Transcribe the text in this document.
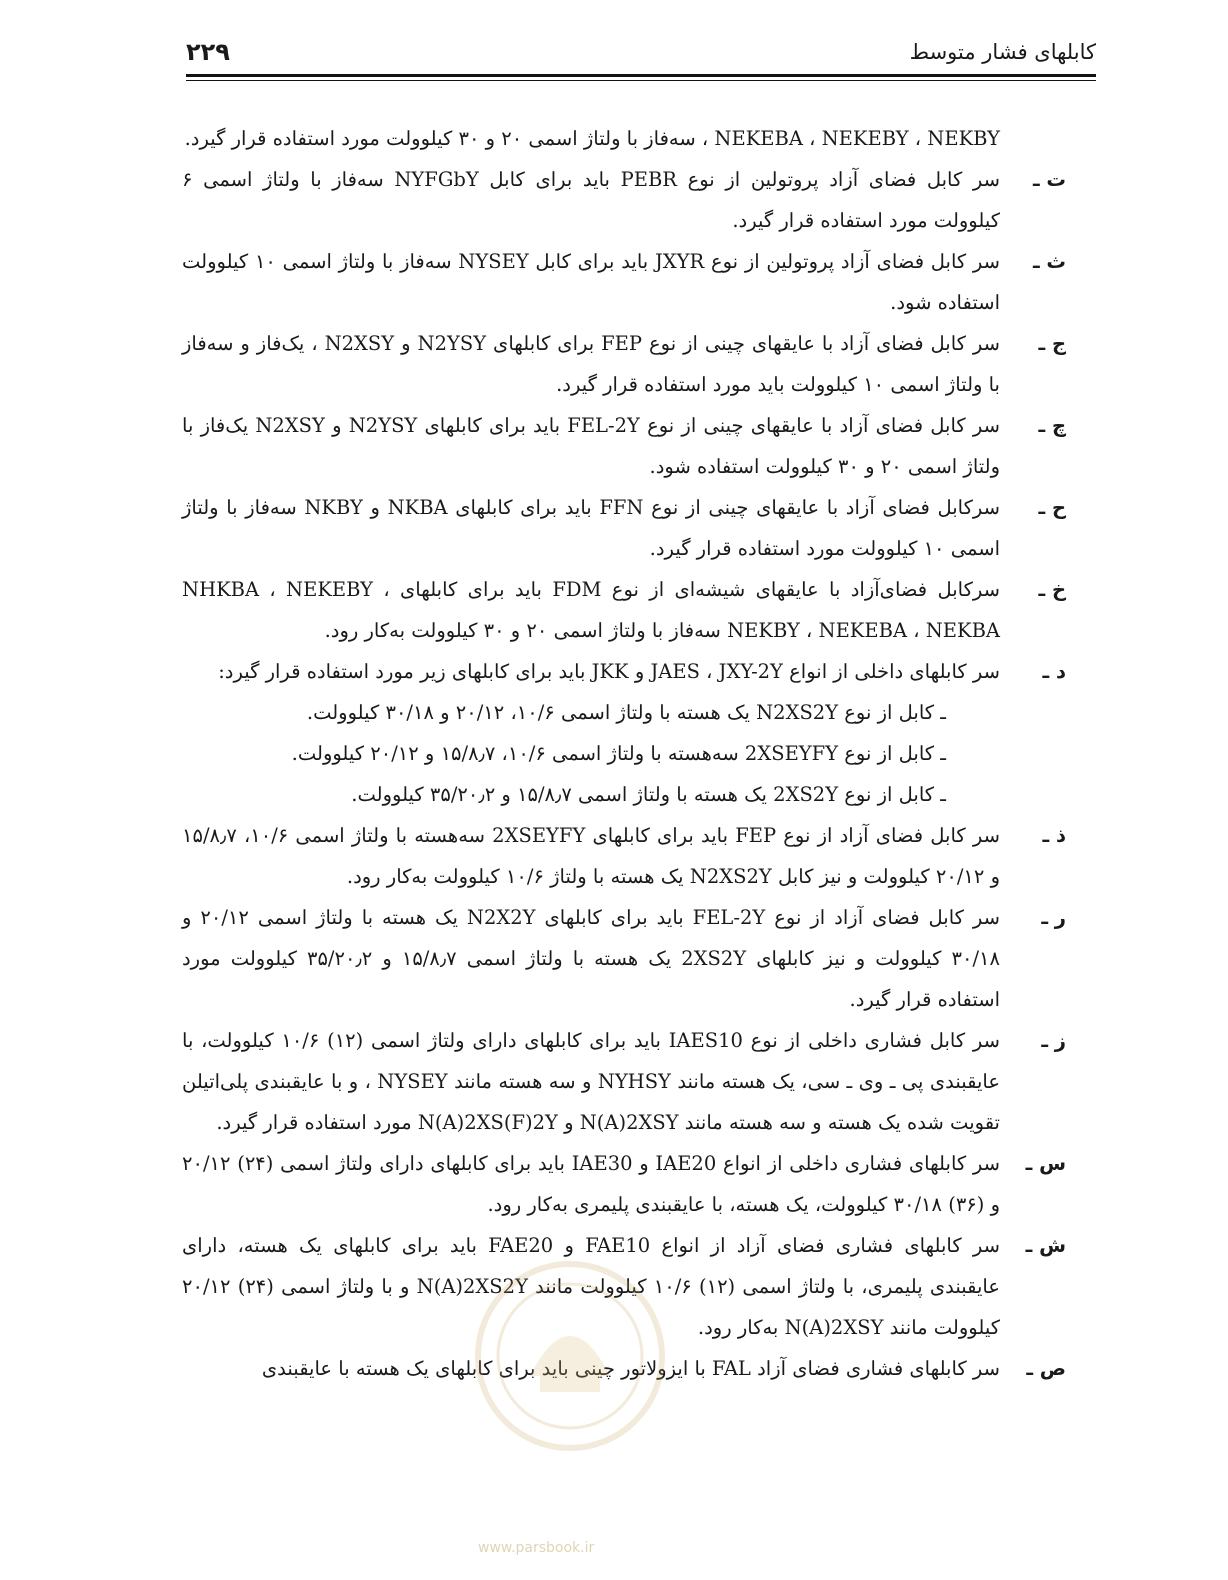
کابلهای فشار متوسط
۲۲۹
NEKEBA ، NEKEBY ، NEKBY ، سه‌فاز با ولتاژ اسمی ۲۰ و ۳۰ کیلوولت مورد استفاده قرار گیرد.
ت ـ
سر کابل فضای آزاد پروتولین از نوع PEBR باید برای کابل NYFGbY سه‌فاز با ولتاژ اسمی ۶ کیلوولت مورد استفاده قرار گیرد.
ث ـ
سر کابل فضای آزاد پروتولین از نوع JXYR باید برای کابل NYSEY سه‌فاز با ولتاژ اسمی ۱۰ کیلوولت استفاده شود.
ج ـ
سر کابل فضای آزاد با عایقهای چینی از نوع FEP برای کابلهای N2YSY و N2XSY ، یک‌فاز و سه‌فاز با ولتاژ اسمی ۱۰ کیلوولت باید مورد استفاده قرار گیرد.
چ ـ
سر کابل فضای آزاد با عایقهای چینی از نوع FEL-2Y باید برای کابلهای N2YSY و N2XSY یک‌فاز با ولتاژ اسمی ۲۰ و ۳۰ کیلوولت استفاده شود.
ح ـ
سرکابل فضای آزاد با عایقهای چینی از نوع FFN باید برای کابلهای NKBA و NKBY سه‌فاز با ولتاژ اسمی ۱۰ کیلوولت مورد استفاده قرار گیرد.
خ ـ
سرکابل فضای‌آزاد با عایقهای شیشه‌ای از نوع FDM باید برای کابلهای NHKBA ، NEKEBY ، NEKBY ، NEKEBA ، NEKBA سه‌فاز با ولتاژ اسمی ۲۰ و ۳۰ کیلوولت به‌کار رود.
د ـ
سر کابلهای داخلی از انواع JAES ، JXY-2Y و JKK باید برای کابلهای زیر مورد استفاده قرار گیرد:
ـ کابل از نوع N2XS2Y یک هسته با ولتاژ اسمی ۱۰/۶، ۲۰/۱۲ و ۳۰/۱۸ کیلوولت.
ـ کابل از نوع 2XSEYFY سه‌هسته با ولتاژ اسمی ۱۰/۶، ۱۵/۸٫۷ و ۲۰/۱۲ کیلوولت.
ـ کابل از نوع 2XS2Y یک هسته با ولتاژ اسمی ۱۵/۸٫۷ و ۳۵/۲۰٫۲ کیلوولت.
ذ ـ
سر کابل فضای آزاد از نوع FEP باید برای کابلهای 2XSEYFY سه‌هسته با ولتاژ اسمی ۱۰/۶، ۱۵/۸٫۷ و ۲۰/۱۲ کیلوولت و نیز کابل N2XS2Y یک هسته با ولتاژ ۱۰/۶ کیلوولت به‌کار رود.
ر ـ
سر کابل فضای آزاد از نوع FEL-2Y باید برای کابلهای N2X2Y یک هسته با ولتاژ اسمی ۲۰/۱۲ و ۳۰/۱۸ کیلوولت و نیز کابلهای 2XS2Y یک هسته با ولتاژ اسمی ۱۵/۸٫۷ و ۳۵/۲۰٫۲ کیلوولت مورد استفاده قرار گیرد.
ز ـ
سر کابل فشاری داخلی از نوع IAES10 باید برای کابلهای دارای ولتاژ اسمی (۱۲) ۱۰/۶ کیلوولت، با عایقبندی پی ـ وی ـ سی، یک هسته مانند NYHSY و سه هسته مانند NYSEY ، و با عایقبندی پلی‌اتیلن تقویت شده یک هسته و سه هسته مانند N(A)2XSY و N(A)2XS(F)2Y مورد استفاده قرار گیرد.
س ـ
سر کابلهای فشاری داخلی از انواع IAE20 و IAE30 باید برای کابلهای دارای ولتاژ اسمی (۲۴) ۲۰/۱۲ و (۳۶) ۳۰/۱۸ کیلوولت، یک هسته، با عایقبندی پلیمری به‌کار رود.
ش ـ
سر کابلهای فشاری فضای آزاد از انواع FAE10 و FAE20 باید برای کابلهای یک هسته، دارای عایقبندی پلیمری، با ولتاژ اسمی (۱۲) ۱۰/۶ کیلوولت مانند N(A)2XS2Y و با ولتاژ اسمی (۲۴) ۲۰/۱۲ کیلوولت مانند N(A)2XSY به‌کار رود.
ص ـ
سر کابلهای فشاری فضای آزاد FAL با ایزولاتور چینی باید برای کابلهای یک هسته با عایقبندی
www.parsbook.ir
